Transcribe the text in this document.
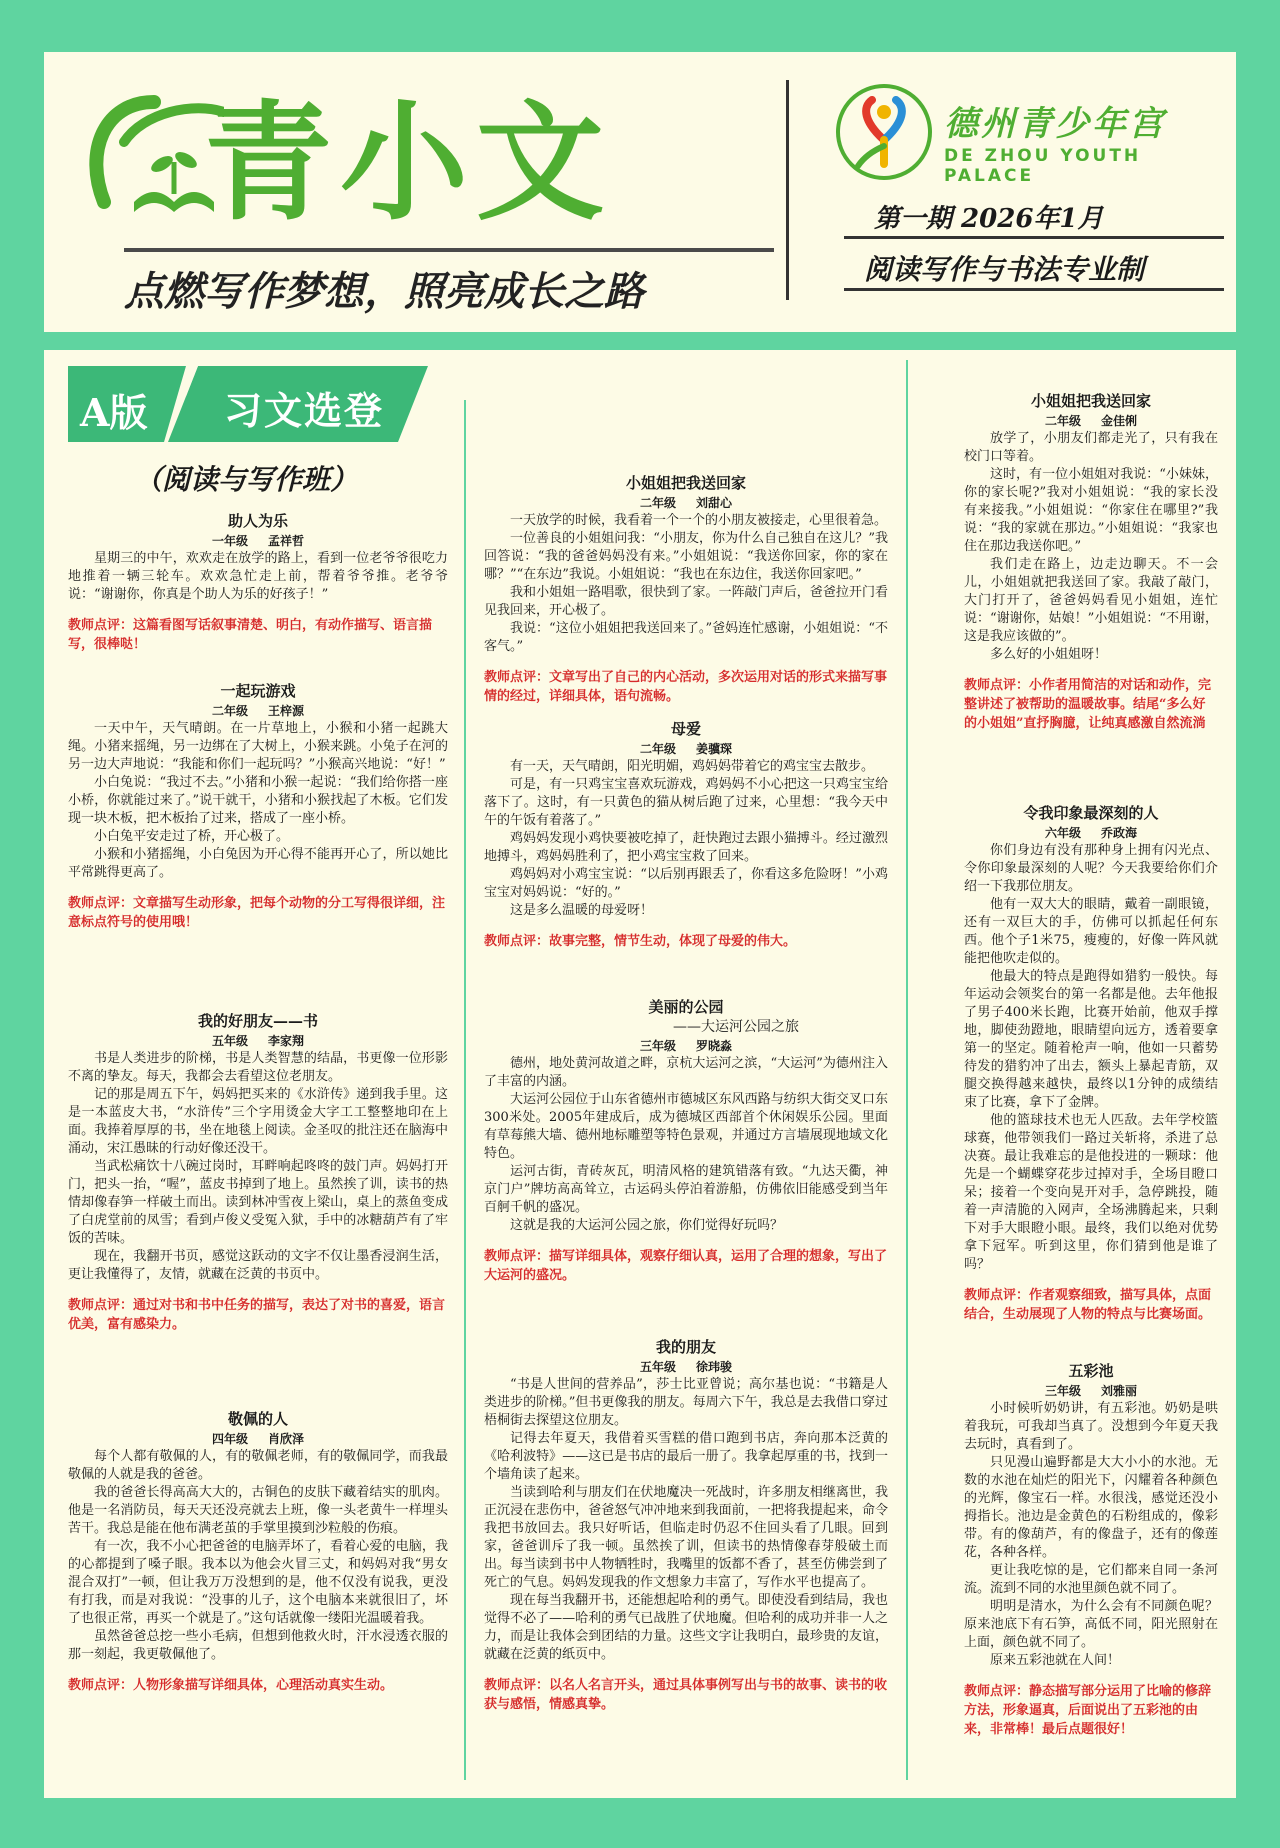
青小文
点燃写作梦想，照亮成长之路
德州青少年宫
DE ZHOU YOUTH PALACE
第一期 2026年1月
阅读写作与书法专业制
A版 习文选登
（阅读与写作班）
助人为乐
一年级 孟祥哲

星期三的中午，欢欢走在放学的路上，看到一位老爷爷很吃力地推着一辆三轮车。欢欢急忙走上前，帮着爷爷推。老爷爷说：“谢谢你，你真是个助人为乐的好孩子！”

教师点评：这篇看图写话叙事清楚、明白，有动作描写、语言描写，很棒哒！
一起玩游戏
二年级 王梓源

一天中午，天气晴朗。在一片草地上，小猴和小猪一起跳大绳。小猪来摇绳，另一边绑在了大树上，小猴来跳。小兔子在河的另一边大声地说：“我能和你们一起玩吗？”小猴高兴地说：“好！”

小白兔说：“我过不去。”小猪和小猴一起说：“我们给你搭一座小桥，你就能过来了。”说干就干，小猪和小猴找起了木板。它们发现一块木板，把木板抬了过来，搭成了一座小桥。

小白兔平安走过了桥，开心极了。

小猴和小猪摇绳，小白兔因为开心得不能再开心了，所以她比平常跳得更高了。

教师点评：文章描写生动形象，把每个动物的分工写得很详细，注意标点符号的使用哦！
我的好朋友——书
五年级 李家翔

书是人类进步的阶梯，书是人类智慧的结晶，书更像一位形影不离的挚友。每天，我都会去看望这位老朋友。

记的那是周五下午，妈妈把买来的《水浒传》递到我手里。这是一本蓝皮大书，“水浒传”三个字用烫金大字工工整整地印在上面。我捧着厚厚的书，坐在地毯上阅读。金圣叹的批注还在脑海中涌动，宋江愚昧的行动好像还没干。

当武松痛饮十八碗过岗时，耳畔响起咚咚的鼓门声。妈妈打开门，把头一抬，“喔”，蓝皮书掉到了地上。虽然挨了训，读书的热情却像春笋一样破土而出。读到林冲雪夜上梁山，桌上的蒸鱼变成了白虎堂前的凤雪；看到卢俊义受冤入狱，手中的冰糖葫芦有了牢饭的苦味。

现在，我翻开书页，感觉这跃动的文字不仅让墨香浸润生活，更让我懂得了，友情，就藏在泛黄的书页中。

教师点评：通过对书和书中任务的描写，表达了对书的喜爱，语言优美，富有感染力。
敬佩的人
四年级 肖欣泽

每个人都有敬佩的人，有的敬佩老师，有的敬佩同学，而我最敬佩的人就是我的爸爸。

我的爸爸长得高高大大的，古铜色的皮肤下藏着结实的肌肉。他是一名消防员，每天天还没亮就去上班，像一头老黄牛一样埋头苦干。我总是能在他布满老茧的手掌里摸到沙粒般的伤痕。

有一次，我不小心把爸爸的电脑弄坏了，看着心爱的电脑，我的心都提到了嗓子眼。我本以为他会火冒三丈，和妈妈对我“男女混合双打”一顿，但让我万万没想到的是，他不仅没有说我，更没有打我，而是对我说：“没事的儿子，这个电脑本来就很旧了，坏了也很正常，再买一个就是了。”这句话就像一缕阳光温暖着我。

虽然爸爸总挖一些小毛病，但想到他救火时，汗水浸透衣服的那一刻起，我更敬佩他了。

教师点评：人物形象描写详细具体，心理活动真实生动。
小姐姐把我送回家
二年级 刘甜心

一天放学的时候，我看着一个一个的小朋友被接走，心里很着急。

一位善良的小姐姐问我：“小朋友，你为什么自己独自在这儿？”我回答说：“我的爸爸妈妈没有来。”小姐姐说：“我送你回家，你的家在哪？”“在东边”我说。小姐姐说：“我也在东边住，我送你回家吧。”

我和小姐姐一路唱歌，很快到了家。一阵敲门声后，爸爸拉开门看见我回来，开心极了。

我说：“这位小姐姐把我送回来了。”爸妈连忙感谢，小姐姐说：“不客气。”

教师点评：文章写出了自己的内心活动，多次运用对话的形式来描写事情的经过，详细具体，语句流畅。
母爱
二年级 姜骥琛

有一天，天气晴朗，阳光明媚，鸡妈妈带着它的鸡宝宝去散步。

可是，有一只鸡宝宝喜欢玩游戏，鸡妈妈不小心把这一只鸡宝宝给落下了。这时，有一只黄色的猫从树后跑了过来，心里想：“我今天中午的午饭有着落了。”

鸡妈妈发现小鸡快要被吃掉了，赶快跑过去跟小猫搏斗。经过激烈地搏斗，鸡妈妈胜利了，把小鸡宝宝救了回来。

鸡妈妈对小鸡宝宝说：“以后别再跟丢了，你看这多危险呀！”小鸡宝宝对妈妈说：“好的。”

这是多么温暖的母爱呀！

教师点评：故事完整，情节生动，体现了母爱的伟大。
美丽的公园
——大运河公园之旅
三年级 罗晓淼

德州，地处黄河故道之畔，京杭大运河之滨，“大运河”为德州注入了丰富的内涵。

大运河公园位于山东省德州市德城区东风西路与纺织大街交叉口东300米处。2005年建成后，成为德城区西部首个休闲娱乐公园。里面有草莓熊大墙、德州地标雕塑等特色景观，并通过方言墙展现地域文化特色。

运河古街，青砖灰瓦，明清风格的建筑错落有致。“九达天衢，神京门户”牌坊高高耸立，古运码头停泊着游船，仿佛依旧能感受到当年百舸千帆的盛况。

这就是我的大运河公园之旅，你们觉得好玩吗？

教师点评：描写详细具体，观察仔细认真，运用了合理的想象，写出了大运河的盛况。
我的朋友
五年级 徐玮骏

“书是人世间的营养品”，莎士比亚曾说；高尔基也说：“书籍是人类进步的阶梯。”但书更像我的朋友。每周六下午，我总是去我借口穿过梧桐街去探望这位朋友。

记得去年夏天，我借着买雪糕的借口跑到书店，奔向那本泛黄的《哈利波特》——这已是书店的最后一册了。我拿起厚重的书，找到一个墙角读了起来。

当读到哈利与朋友们在伏地魔决一死战时，许多朋友相继离世，我正沉浸在悲伤中，爸爸怒气冲冲地来到我面前，一把将我提起来，命令我把书放回去。我只好听话，但临走时仍忍不住回头看了几眼。回到家，爸爸训斥了我一顿。虽然挨了训，但读书的热情像春芽般破土而出。每当读到书中人物牺牲时，我嘴里的饭都不香了，甚至仿佛尝到了死亡的气息。妈妈发现我的作文想象力丰富了，写作水平也提高了。

现在每当我翻开书，还能想起哈利的勇气。即使没看到结局，我也觉得不必了——哈利的勇气已战胜了伏地魔。但哈利的成功并非一人之力，而是让我体会到团结的力量。这些文字让我明白，最珍贵的友谊，就藏在泛黄的纸页中。

教师点评：以名人名言开头，通过具体事例写出与书的故事、读书的收获与感悟，情感真挚。
小姐姐把我送回家
二年级 金佳俐

放学了，小朋友们都走光了，只有我在校门口等着。

这时，有一位小姐姐对我说：“小妹妹，你的家长呢?”我对小姐姐说：“我的家长没有来接我。”小姐姐说：“你家住在哪里?”我说：“我的家就在那边。”小姐姐说：“我家也住在那边我送你吧。”

我们走在路上，边走边聊天。不一会儿，小姐姐就把我送回了家。我敲了敲门，大门打开了，爸爸妈妈看见小姐姐，连忙说：“谢谢你，姑娘！”小姐姐说：“不用谢，这是我应该做的”。

多么好的小姐姐呀！

教师点评：小作者用简洁的对话和动作，完整讲述了被帮助的温暖故事。结尾“多么好的小姐姐”直抒胸臆，让纯真感激自然流淌
令我印象最深刻的人
六年级 乔政海

你们身边有没有那种身上拥有闪光点、令你印象最深刻的人呢？今天我要给你们介绍一下我那位朋友。

他有一双大大的眼睛，戴着一副眼镜，还有一双巨大的手，仿佛可以抓起任何东西。他个子1米75，瘦瘦的，好像一阵风就能把他吹走似的。

他最大的特点是跑得如猎豹一般快。每年运动会领奖台的第一名都是他。去年他报了男子400米长跑，比赛开始前，他双手撑地，脚使劲蹬地，眼睛望向远方，透着要拿第一的坚定。随着枪声一响，他如一只蓄势待发的猎豹冲了出去，额头上暴起青筋，双腿交换得越来越快，最终以1分钟的成绩结束了比赛，拿下了金牌。

他的篮球技术也无人匹敌。去年学校篮球赛，他带领我们一路过关斩将，杀进了总决赛。最让我难忘的是他投进的一颗球：他先是一个蝴蝶穿花步过掉对手，全场目瞪口呆；接着一个变向晃开对手，急停跳投，随着一声清脆的入网声，全场沸腾起来，只剩下对手大眼瞪小眼。最终，我们以绝对优势拿下冠军。听到这里，你们猜到他是谁了吗？

教师点评：作者观察细致，描写具体，点面结合，生动展现了人物的特点与比赛场面。
五彩池
三年级 刘雅丽

小时候听奶奶讲，有五彩池。奶奶是哄着我玩，可我却当真了。没想到今年夏天我去玩时，真看到了。

只见漫山遍野都是大大小小的水池。无数的水池在灿烂的阳光下，闪耀着各种颜色的光辉，像宝石一样。水很浅，感觉还没小拇指长。池边是金黄色的石粉组成的，像彩带。有的像葫芦，有的像盘子，还有的像莲花，各种各样。

更让我吃惊的是，它们都来自同一条河流。流到不同的水池里颜色就不同了。

明明是清水，为什么会有不同颜色呢？原来池底下有石笋，高低不同，阳光照射在上面，颜色就不同了。

原来五彩池就在人间！

教师点评：静态描写部分运用了比喻的修辞方法，形象逼真，后面说出了五彩池的由来，非常棒！最后点题很好！
